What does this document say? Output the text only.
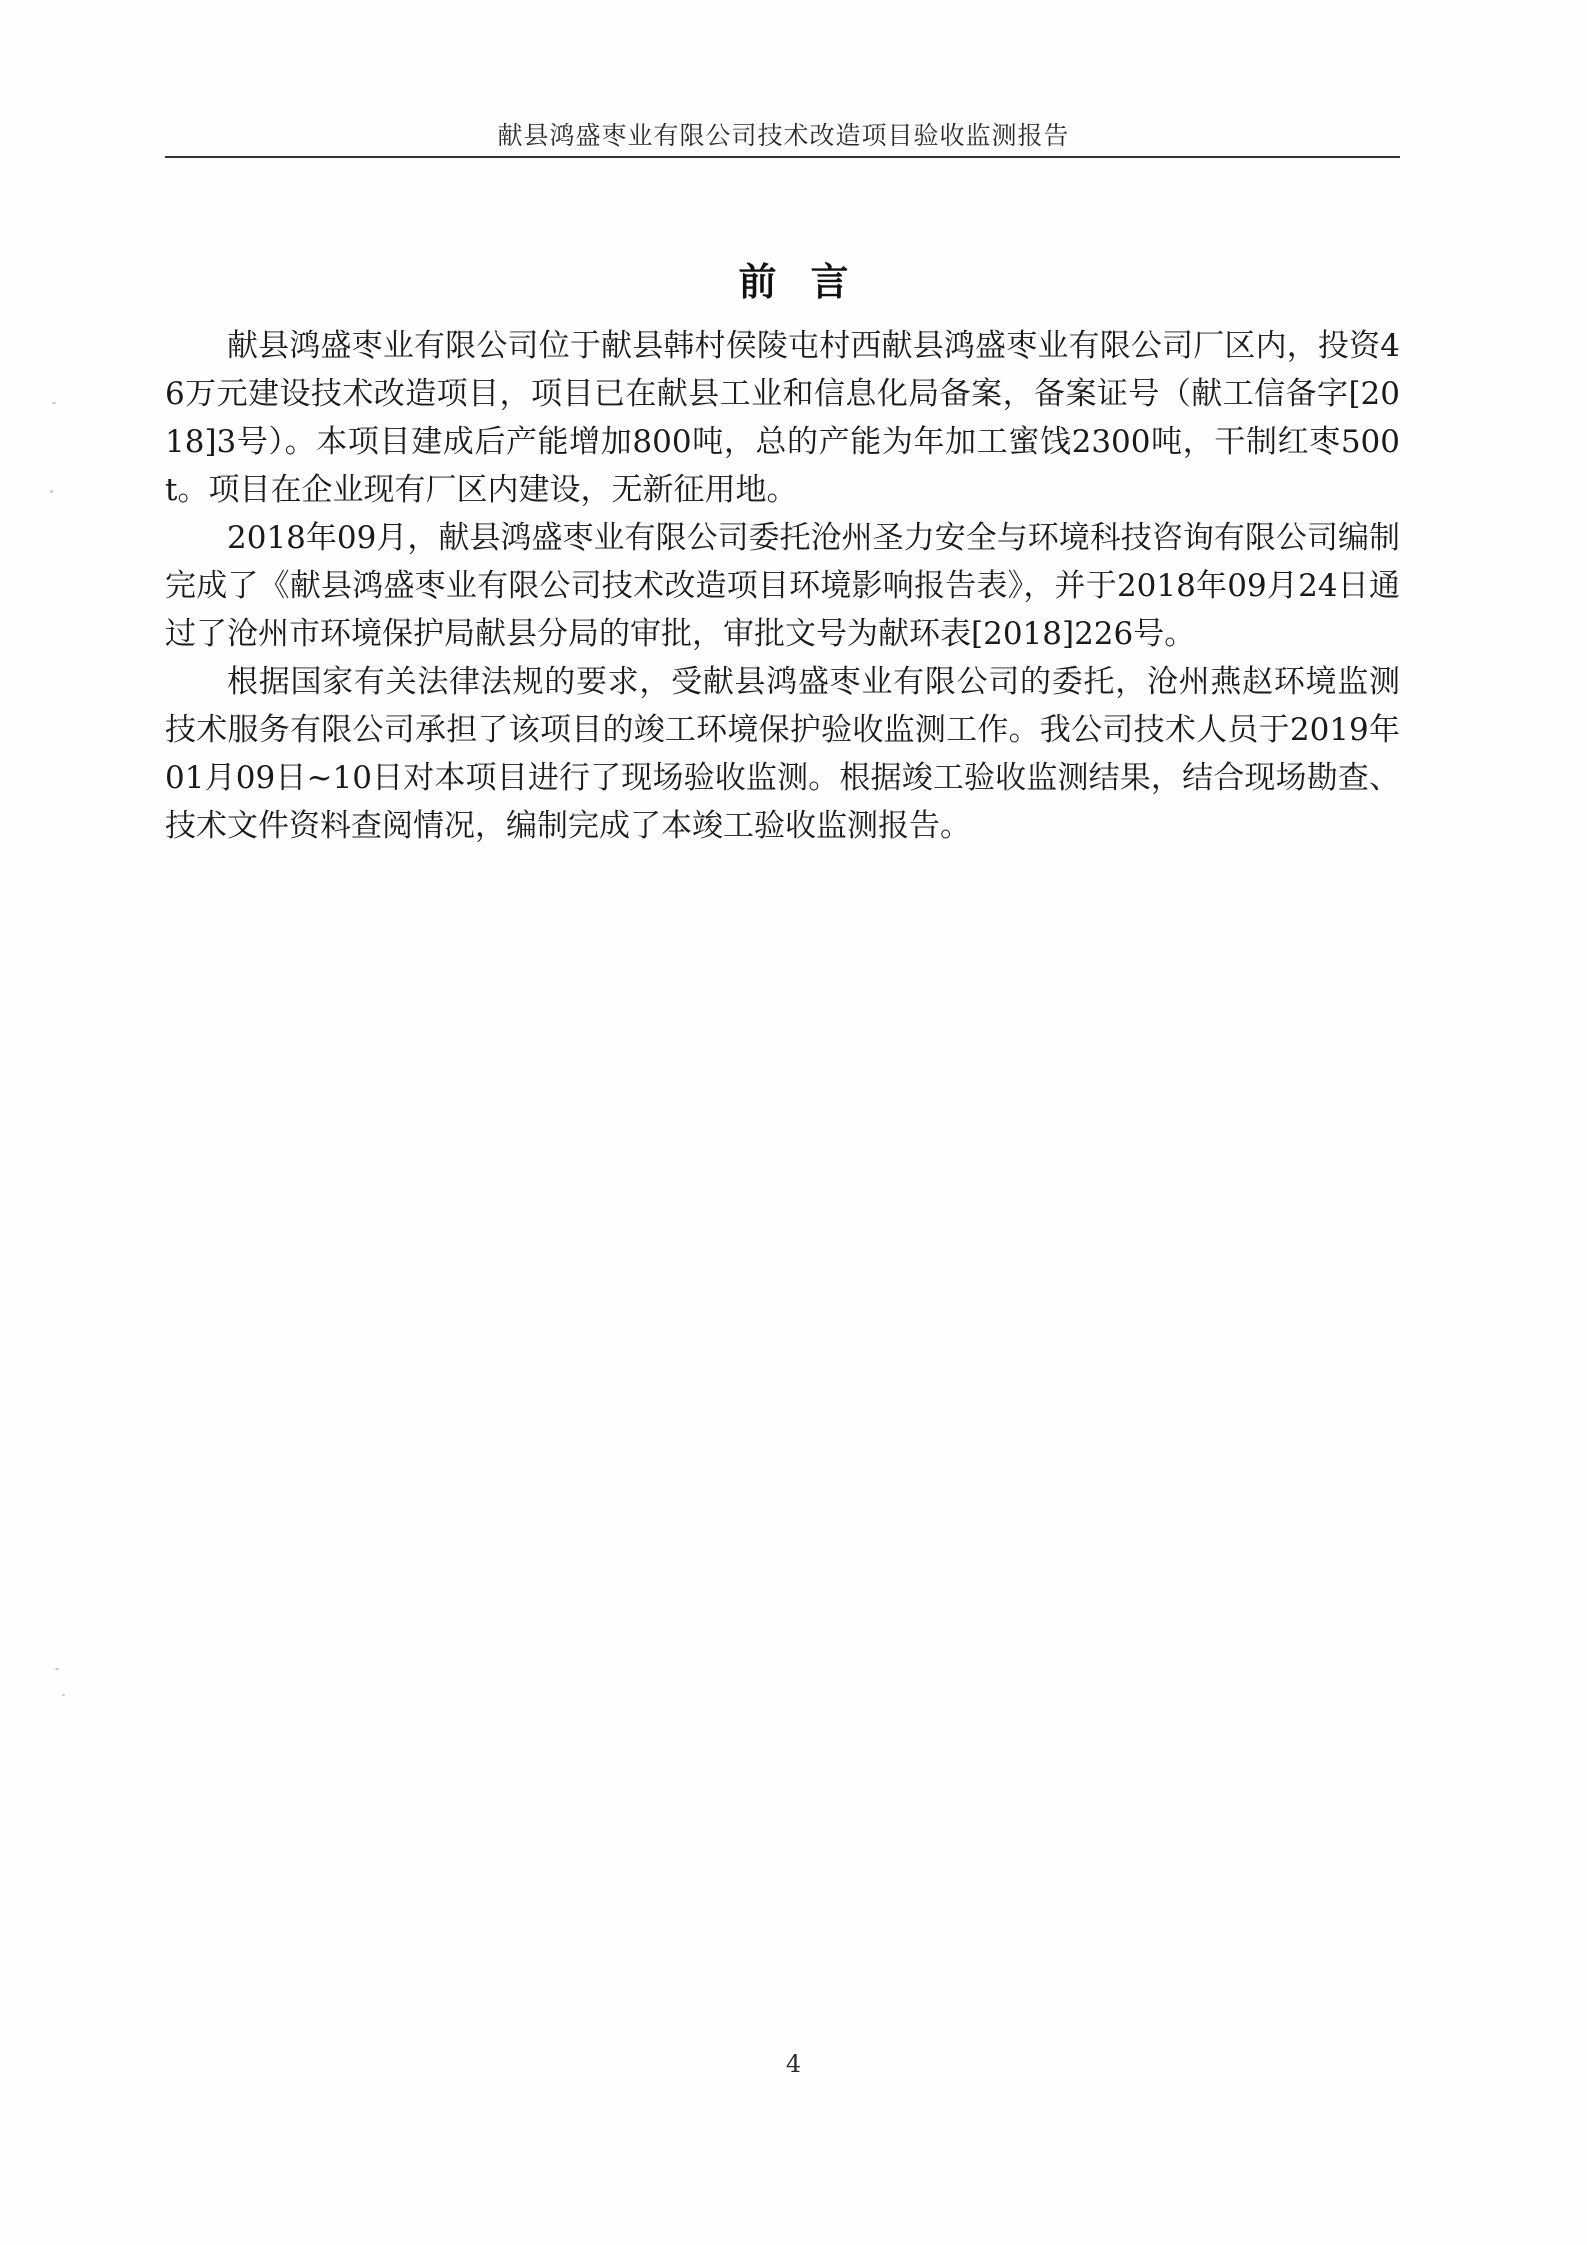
献县鸿盛枣业有限公司技术改造项目验收监测报告
前言

献县鸿盛枣业有限公司位于献县韩村侯陵屯村西献县鸿盛枣业有限公司厂区内，投资46万元建设技术改造项目，项目已在献县工业和信息化局备案，备案证号（献工信备字[2018]3号）。本项目建成后产能增加800吨，总的产能为年加工蜜饯2300吨，干制红枣500t。项目在企业现有厂区内建设，无新征用地。

2018年09月，献县鸿盛枣业有限公司委托沧州圣力安全与环境科技咨询有限公司编制完成了《献县鸿盛枣业有限公司技术改造项目环境影响报告表》，并于2018年09月24日通过了沧州市环境保护局献县分局的审批，审批文号为献环表[2018]226号。

根据国家有关法律法规的要求，受献县鸿盛枣业有限公司的委托，沧州燕赵环境监测技术服务有限公司承担了该项目的竣工环境保护验收监测工作。我公司技术人员于2019年01月09日~10日对本项目进行了现场验收监测。根据竣工验收监测结果，结合现场勘查、技术文件资料查阅情况，编制完成了本竣工验收监测报告。

4
